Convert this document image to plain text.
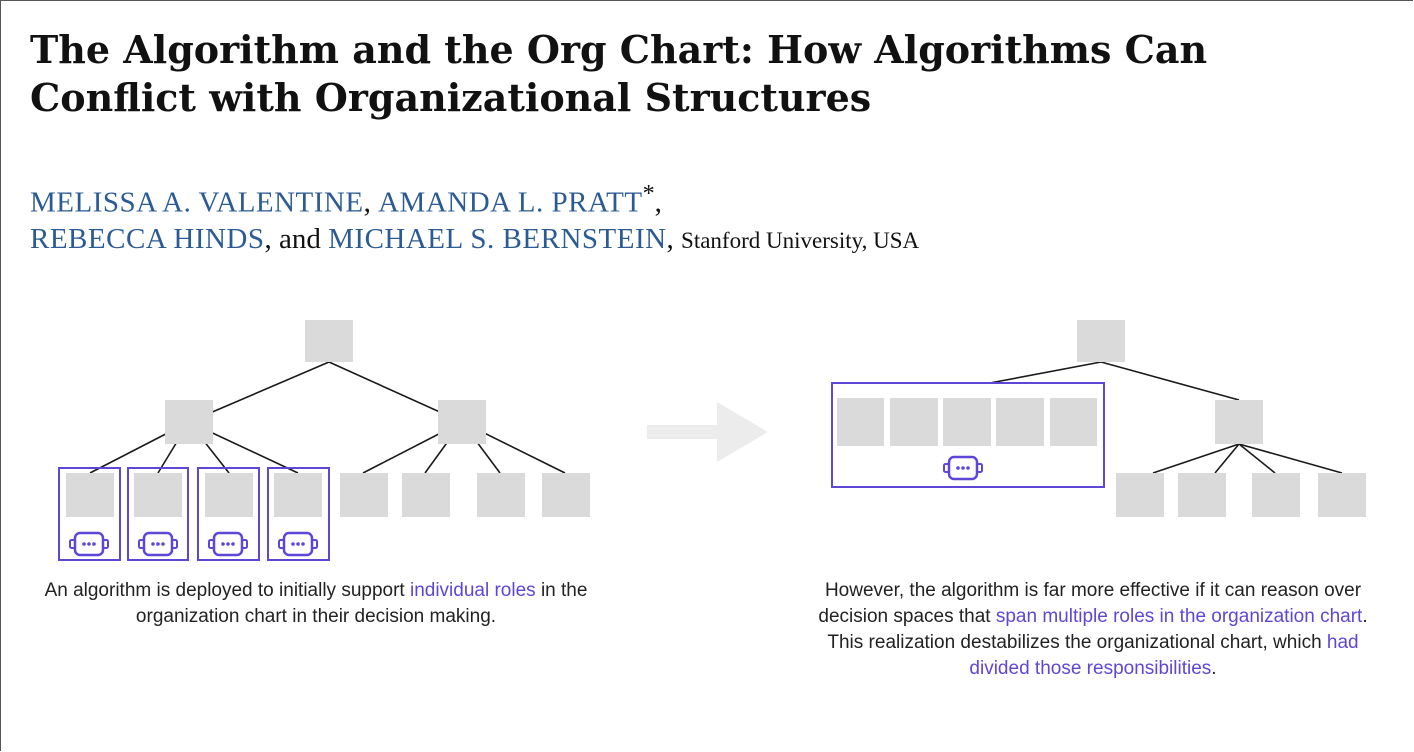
The Algorithm and the Org Chart: How Algorithms Can
Conflict with Organizational Structures

MELISSA A. VALENTINE, AMANDA L. PRATT*,
REBECCA HINDS, and MICHAEL S. BERNSTEIN, Stanford University, USA

An algorithm is deployed to initially support individual roles in the organization chart in their decision making.

However, the algorithm is far more effective if it can reason over decision spaces that span multiple roles in the organization chart. This realization destabilizes the organizational chart, which had divided those responsibilities.
